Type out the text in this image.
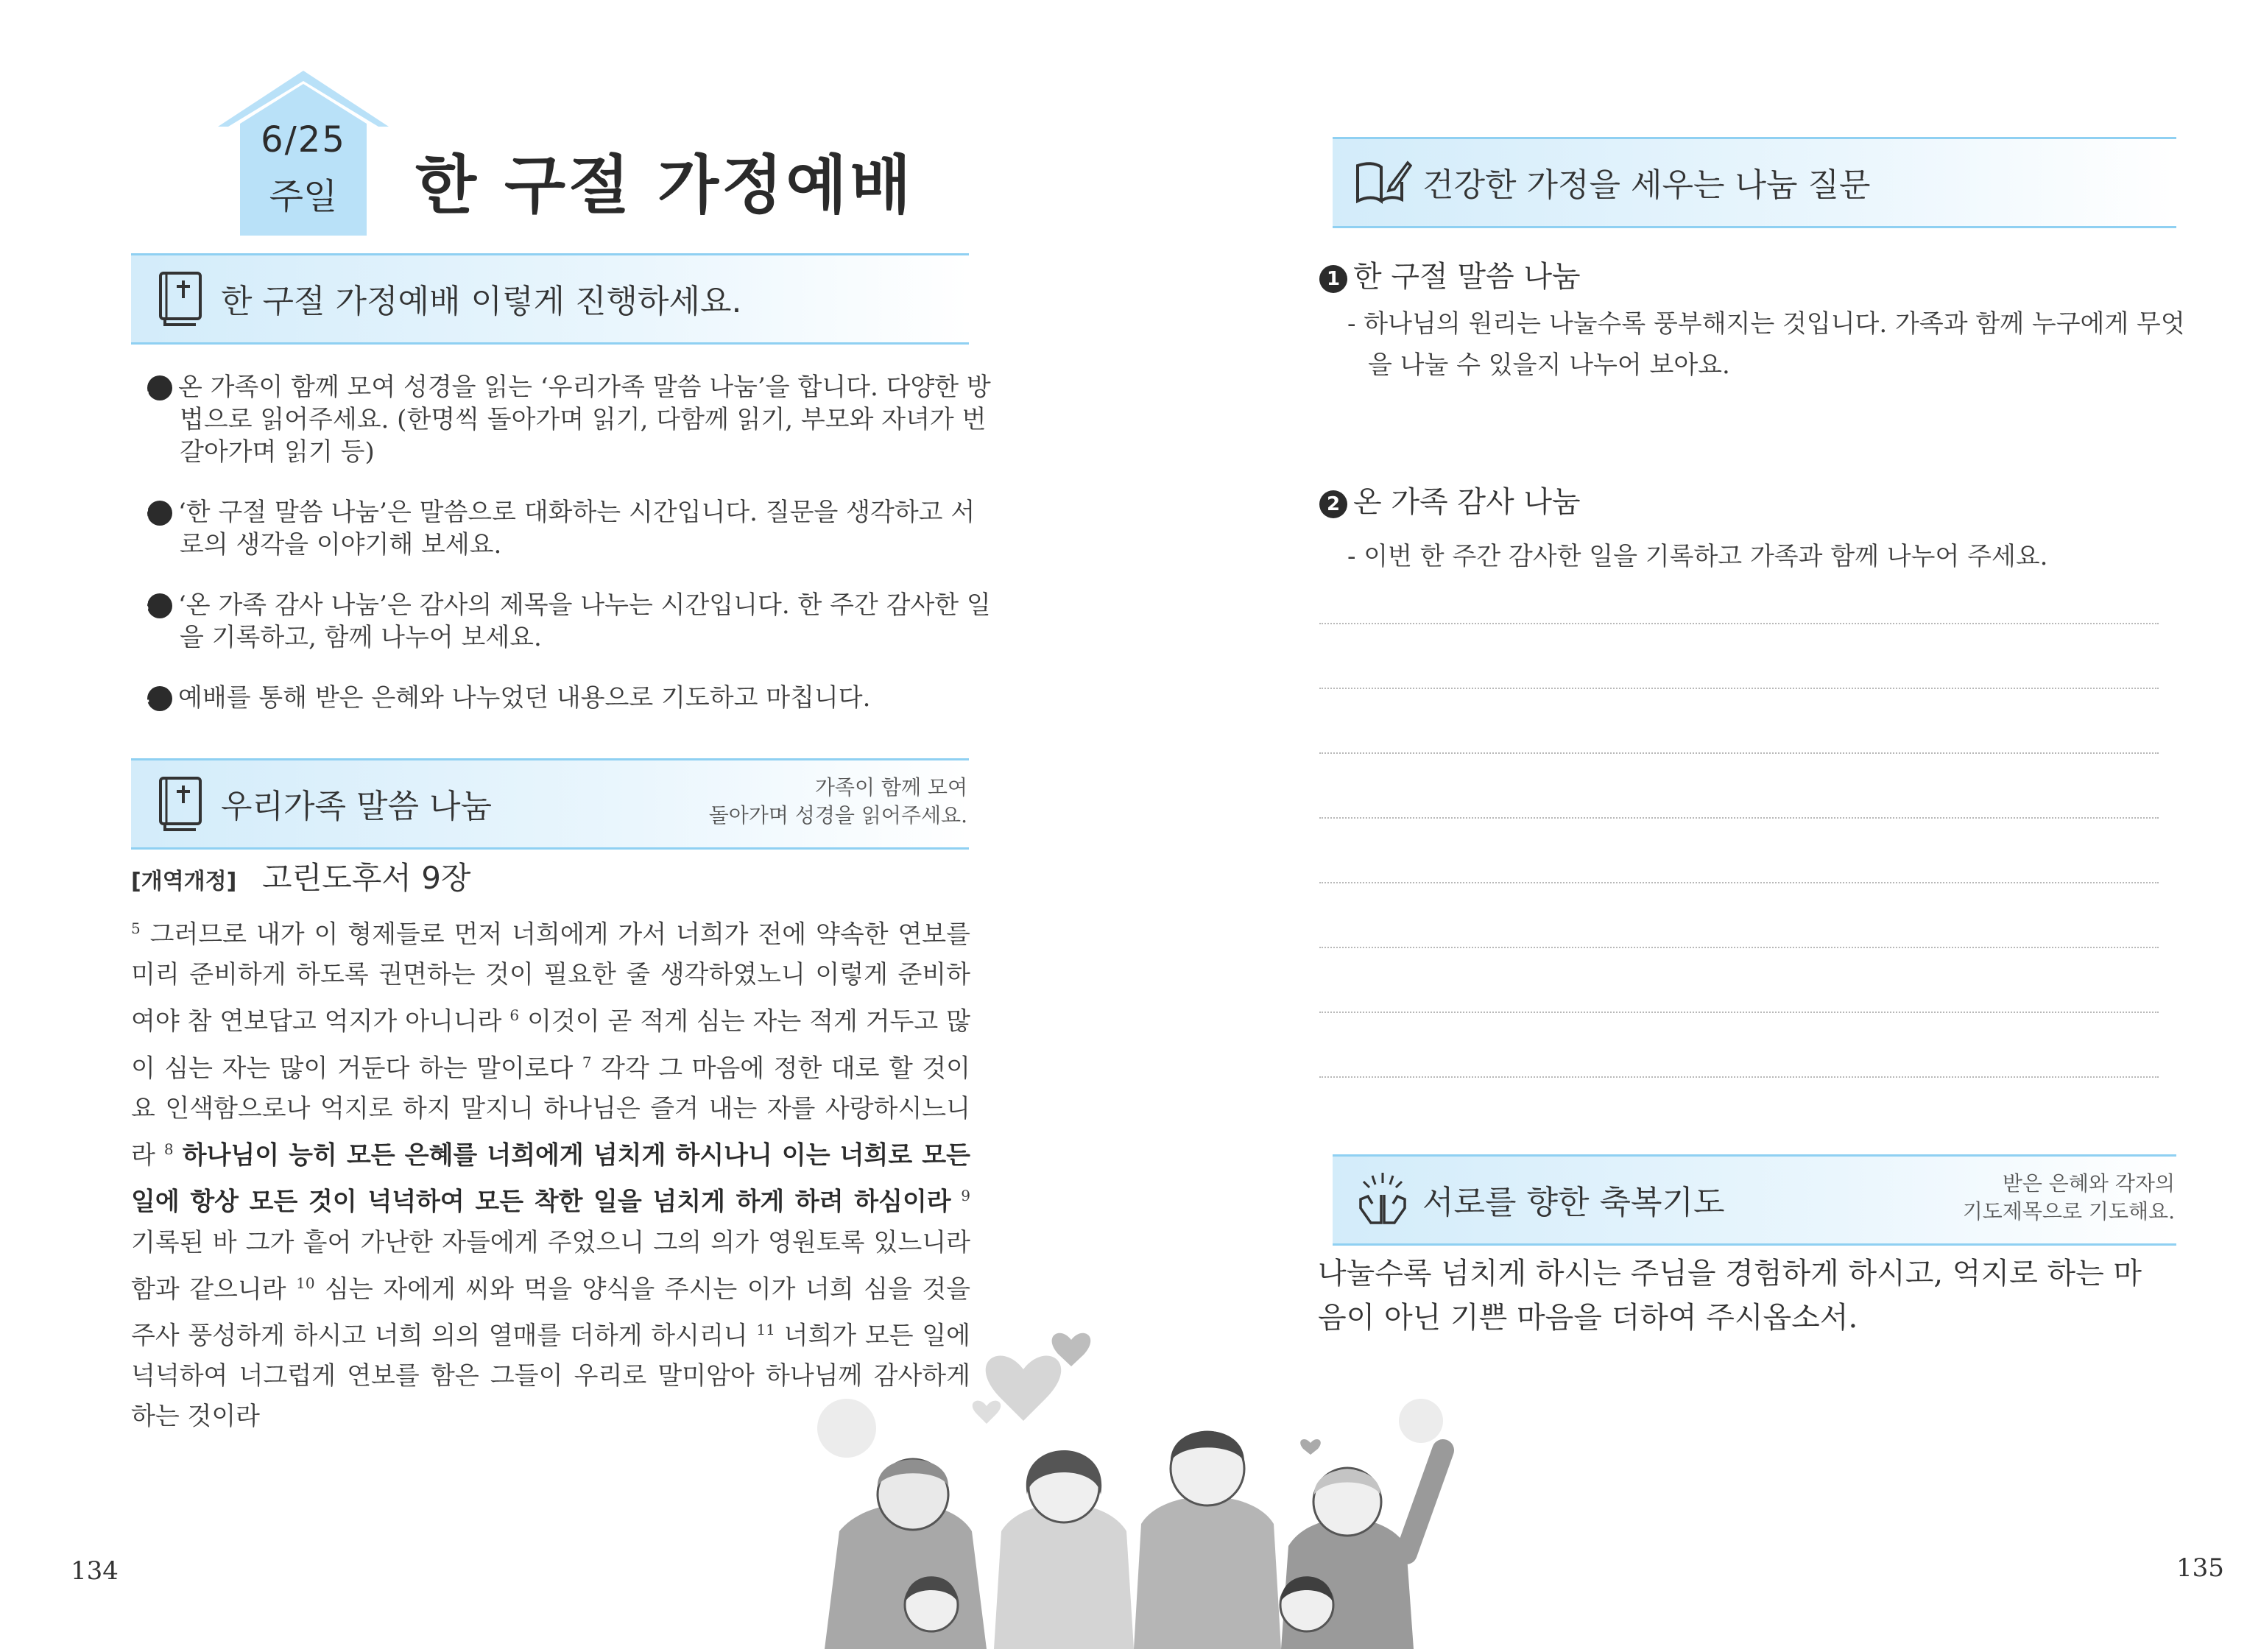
6/25
주일	한 구절 가정예배
한 구절 가정예배 이렇게 진행하세요.
1 온 가족이 함께 모여 성경을 읽는 ‘우리가족 말씀 나눔’을 합니다. 다양한 방법으로 읽어주세요. (한명씩 돌아가며 읽기, 다함께 읽기, 부모와 자녀가 번갈아가며 읽기 등)
2 ‘한 구절 말씀 나눔’은 말씀으로 대화하는 시간입니다. 질문을 생각하고 서로의 생각을 이야기해 보세요.
3 ‘온 가족 감사 나눔’은 감사의 제목을 나누는 시간입니다. 한 주간 감사한 일을 기록하고, 함께 나누어 보세요.
4 예배를 통해 받은 은혜와 나누었던 내용으로 기도하고 마칩니다.
우리가족 말씀 나눔
가족이 함께 모여
돌아가며 성경을 읽어주세요.
[개역개정] 고린도후서 9장
$^5$ 그러므로 내가 이 형제들로 먼저 너희에게 가서 너희가 전에 약속한 연보를 미리 준비하게 하도록 권면하는 것이 필요한 줄 생각하였노니 이렇게 준비하여야 참 연보답고 억지가 아니니라 $^6$ 이것이 곧 적게 심는 자는 적게 거두고 많이 심는 자는 많이 거둔다 하는 말이로다 $^7$ 각각 그 마음에 정한 대로 할 것이요 인색함으로나 억지로 하지 말지니 하나님은 즐겨 내는 자를 사랑하시느니라 $^8$ 하나님이 능히 모든 은혜를 너희에게 넘치게 하시나니 이는 너희로 모든 일에 항상 모든 것이 넉넉하여 모든 착한 일을 넘치게 하게 하려 하심이라 $^9$ 기록된 바 그가 흩어 가난한 자들에게 주었으니 그의 의가 영원토록 있느니라 함과 같으니라 $^{10}$ 심는 자에게 씨와 먹을 양식을 주시는 이가 너희 심을 것을 주사 풍성하게 하시고 너희 의의 열매를 더하게 하시리니 $^{11}$ 너희가 모든 일에 넉넉하여 너그럽게 연보를 함은 그들이 우리로 말미암아 하나님께 감사하게 하는 것이라
134
건강한 가정을 세우는 나눔 질문
1 한 구절 말씀 나눔
- 하나님의 원리는 나눌수록 풍부해지는 것입니다. 가족과 함께 누구에게 무엇을 나눌 수 있을지 나누어 보아요.
2 온 가족 감사 나눔
- 이번 한 주간 감사한 일을 기록하고 가족과 함께 나누어 주세요.
서로를 향한 축복기도
받은 은혜와 각자의
기도제목으로 기도해요.
나눌수록 넘치게 하시는 주님을 경험하게 하시고, 억지로 하는 마음이 아닌 기쁜 마음을 더하여 주시옵소서.
135
